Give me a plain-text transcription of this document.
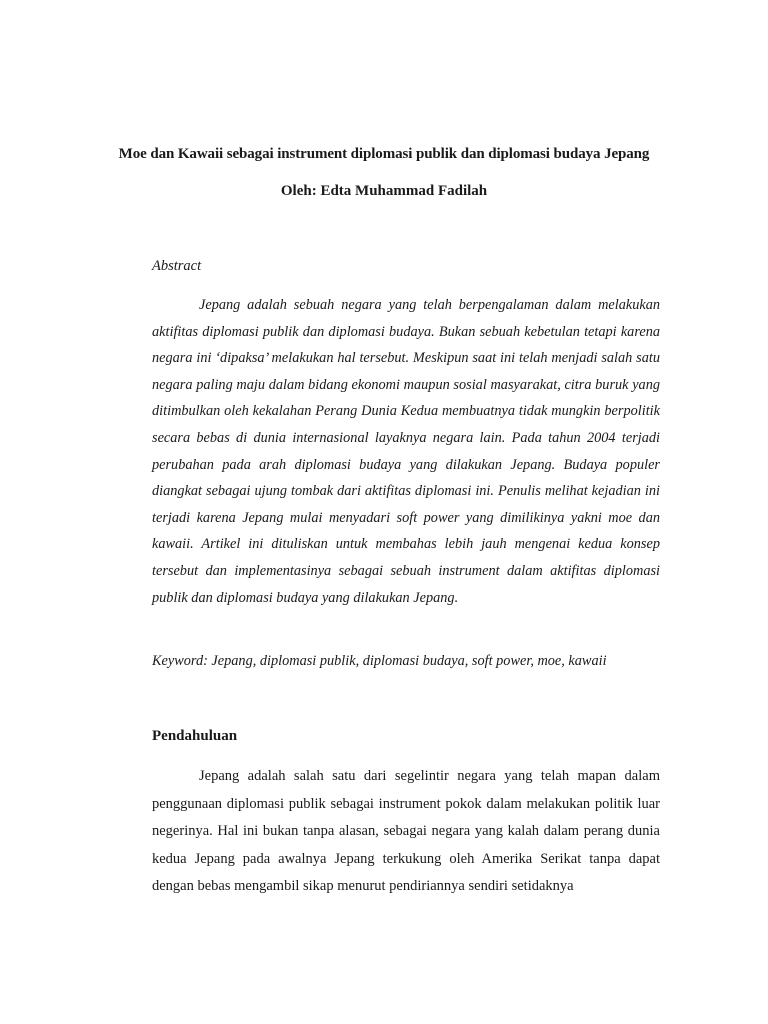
Moe dan Kawaii sebagai instrument diplomasi publik dan diplomasi budaya Jepang
Oleh: Edta Muhammad Fadilah
Abstract

Jepang adalah sebuah negara yang telah berpengalaman dalam melakukan aktifitas diplomasi publik dan diplomasi budaya. Bukan sebuah kebetulan tetapi karena negara ini ‘dipaksa’ melakukan hal tersebut. Meskipun saat ini telah menjadi salah satu negara paling maju dalam bidang ekonomi maupun sosial masyarakat, citra buruk yang ditimbulkan oleh kekalahan Perang Dunia Kedua membuatnya tidak mungkin berpolitik secara bebas di dunia internasional layaknya negara lain. Pada tahun 2004 terjadi perubahan pada arah diplomasi budaya yang dilakukan Jepang. Budaya populer diangkat sebagai ujung tombak dari aktifitas diplomasi ini. Penulis melihat kejadian ini terjadi karena Jepang mulai menyadari soft power yang dimilikinya yakni moe dan kawaii. Artikel ini dituliskan untuk membahas lebih jauh mengenai kedua konsep tersebut dan implementasinya sebagai sebuah instrument dalam aktifitas diplomasi publik dan diplomasi budaya yang dilakukan Jepang.

Keyword: Jepang, diplomasi publik, diplomasi budaya, soft power, moe, kawaii

Pendahuluan

Jepang adalah salah satu dari segelintir negara yang telah mapan dalam penggunaan diplomasi publik sebagai instrument pokok dalam melakukan politik luar negerinya. Hal ini bukan tanpa alasan, sebagai negara yang kalah dalam perang dunia kedua Jepang pada awalnya Jepang terkukung oleh Amerika Serikat tanpa dapat dengan bebas mengambil sikap menurut pendiriannya sendiri setidaknya
